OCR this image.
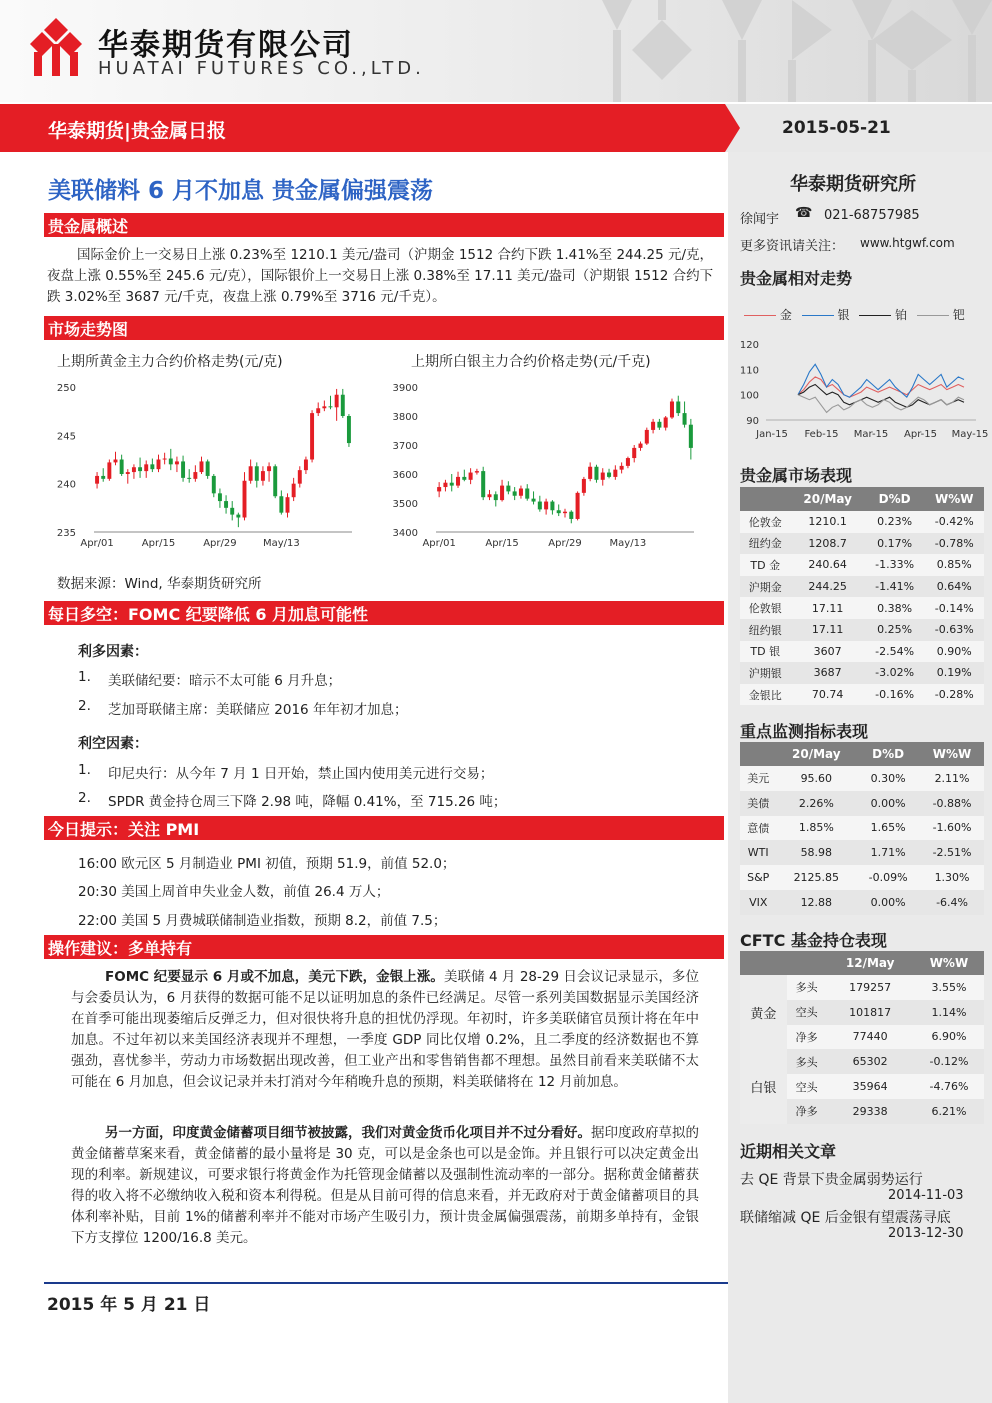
华泰期货有限公司
HUATAI FUTURES CO.,LTD.
华泰期货|贵金属日报	2015-05-21
美联储料 6 月不加息 贵金属偏强震荡
贵金属概述
国际金价上一交易日上涨 0.23%至 1210.1 美元/盎司（沪期金 1512 合约下跌 1.41%至 244.25 元/克，夜盘上涨 0.55%至 245.6 元/克），国际银价上一交易日上涨 0.38%至 17.11 美元/盎司（沪期银 1512 合约下跌 3.02%至 3687 元/千克，夜盘上涨 0.79%至 3716 元/千克）。
市场走势图
上期所黄金主力合约价格走势(元/克)	上期所白银主力合约价格走势(元/千克)
235
240
245
250
Apr/01	Apr/15	Apr/29	May/13
3400
3500
3600
3700
3800
3900
Apr/01	Apr/15	Apr/29	May/13
数据来源：Wind, 华泰期货研究所
每日多空：FOMC 纪要降低 6 月加息可能性
利多因素：
1. 美联储纪要：暗示不太可能 6 月升息；
2. 芝加哥联储主席：美联储应 2016 年年初才加息；
利空因素：
1. 印尼央行：从今年 7 月 1 日开始，禁止国内使用美元进行交易；
2. SPDR 黄金持仓周三下降 2.98 吨，降幅 0.41%，至 715.26 吨；
今日提示：关注 PMI
16:00 欧元区 5 月制造业 PMI 初值，预期 51.9，前值 52.0；
20:30 美国上周首申失业金人数，前值 26.4 万人；
22:00 美国 5 月费城联储制造业指数，预期 8.2，前值 7.5；
操作建议：多单持有
FOMC 纪要显示 6 月或不加息，美元下跌，金银上涨。美联储 4 月 28-29 日会议记录显示，多位与会委员认为，6 月获得的数据可能不足以证明加息的条件已经满足。尽管一系列美国数据显示美国经济在首季可能出现萎缩后反弹乏力，但对很快将升息的担忧仍浮现。年初时，许多美联储官员预计将在年中加息。不过年初以来美国经济表现并不理想，一季度 GDP 同比仅增 0.2%，且二季度的经济数据也不算强劲，喜忧参半，劳动力市场数据出现改善，但工业产出和零售销售都不理想。虽然目前看来美联储不太可能在 6 月加息，但会议记录并未打消对今年稍晚升息的预期，料美联储将在 12 月前加息。
另一方面，印度黄金储蓄项目细节被披露，我们对黄金货币化项目并不过分看好。据印度政府草拟的黄金储蓄草案来看，黄金储蓄的最小量将是 30 克，可以是金条也可以是金饰。并且银行可以决定黄金出现的利率。新规建议，可要求银行将黄金作为托管现金储蓄以及强制性流动率的一部分。据称黄金储蓄获得的收入将不必缴纳收入税和资本利得税。但是从目前可得的信息来看，并无政府对于黄金储蓄项目的具体利率补贴，目前 1%的储蓄利率并不能对市场产生吸引力，预计贵金属偏强震荡，前期多单持有，金银下方支撑位 1200/16.8 美元。
2015 年 5 月 21 日
华泰期货研究所
徐闻宇 ☎ 021-68757985
更多资讯请关注： www.htgwf.com
贵金属相对走势
金	银	铂	钯
90
100
110
120
Jan-15 Feb-15 Mar-15 Apr-15 May-15
贵金属市场表现
	20/May	D%D	W%W
伦敦金	1210.1	0.23%	-0.42%
纽约金	1208.7	0.17%	-0.78%
TD 金	240.64	-1.33%	0.85%
沪期金	244.25	-1.41%	0.64%
伦敦银	17.11	0.38%	-0.14%
纽约银	17.11	0.25%	-0.63%
TD 银	3607	-2.54%	0.90%
沪期银	3687	-3.02%	0.19%
金银比	70.74	-0.16%	-0.28%
重点监测指标表现
	20/May	D%D	W%W
美元	95.60	0.30%	2.11%
美债	2.26%	0.00%	-0.88%
意债	1.85%	1.65%	-1.60%
WTI	58.98	1.71%	-2.51%
S&P	2125.85	-0.09%	1.30%
VIX	12.88	0.00%	-6.4%
CFTC 基金持仓表现
		12/May	W%W
黄金	多头	179257	3.55%
	空头	101817	1.14%
	净多	77440	6.90%
白银	多头	65302	-0.12%
	空头	35964	-4.76%
	净多	29338	6.21%
近期相关文章
去 QE 背景下贵金属弱势运行
2014-11-03
联储缩减 QE 后金银有望震荡寻底
2013-12-30
